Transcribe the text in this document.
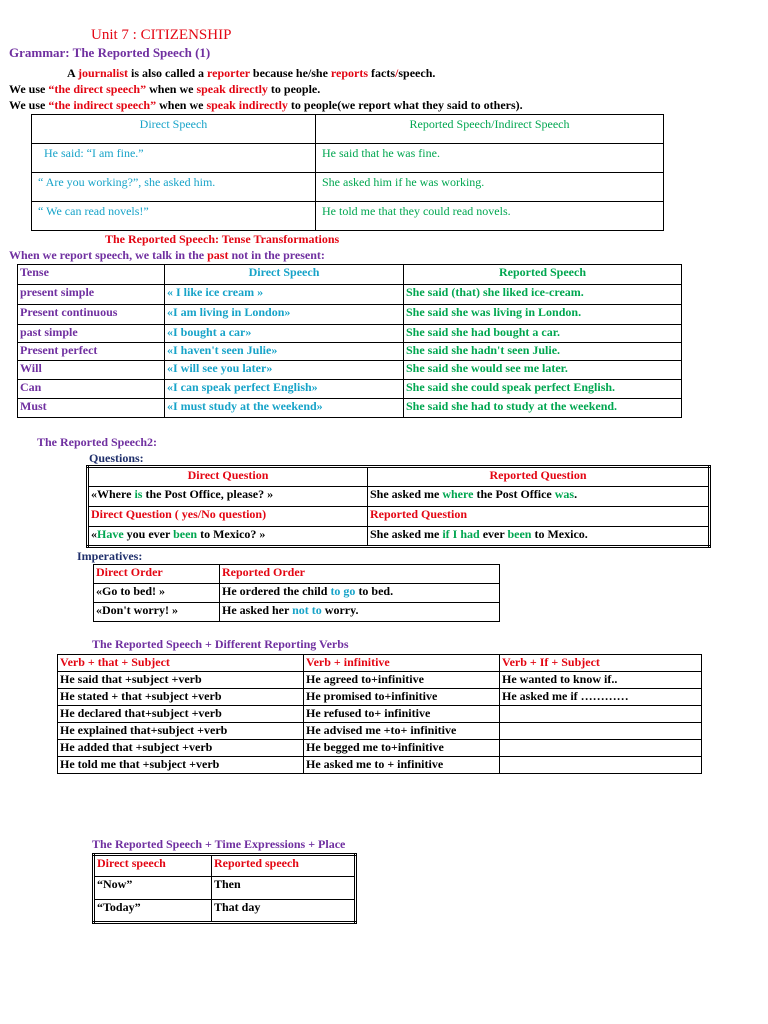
Unit 7 : CITIZENSHIP
Grammar: The Reported Speech (1)
A journalist is also called a reporter because he/she reports facts/speech.
We use “the direct speech” when we speak directly to people.
We use “the indirect speech” when we speak indirectly to people(we report what they said to others).
Direct Speech	Reported Speech/Indirect Speech
He said: “I am fine.”	He said that he was fine.
“ Are you working?”, she asked him.	She asked him if he was working.
“ We can read novels!”	He told me that they could read novels.
The Reported Speech: Tense Transformations
When we report speech, we talk in the past not in the present:
Tense	Direct Speech	Reported Speech
present simple	« I like ice cream »	She said (that) she liked ice-cream.
Present continuous	«I am living in London»	She said she was living in London.
past simple	«I bought a car»	She said she had bought a car.
Present perfect	«I haven't seen Julie»	She said she hadn't seen Julie.
Will	«I will see you later»	She said she would see me later.
Can	«I can speak perfect English»	She said she could speak perfect English.
Must	«I must study at the weekend»	She said she had to study at the weekend.
The Reported Speech2:
Questions:
Direct Question	Reported Question
«Where is the Post Office, please? »	She asked me where the Post Office was.
Direct Question ( yes/No question)	Reported Question
«Have you ever been to Mexico? »	She asked me if I had ever been to Mexico.
Imperatives:
Direct Order	Reported Order
«Go to bed! »	He ordered the child to go to bed.
«Don't worry! »	He asked her not to worry.
The Reported Speech + Different Reporting Verbs
Verb + that + Subject	Verb + infinitive	Verb + If + Subject
He said that +subject +verb	He agreed to+infinitive	He wanted to know if..
He stated + that +subject +verb	He promised to+infinitive	He asked me if …………
He declared that+subject +verb	He refused to+ infinitive	
He explained that+subject +verb	He advised me +to+ infinitive	
He added that +subject +verb	He begged me to+infinitive	
He told me that +subject +verb	He asked me to + infinitive	
The Reported Speech + Time Expressions + Place
Direct speech	Reported speech
“Now”	Then
“Today”	That day
